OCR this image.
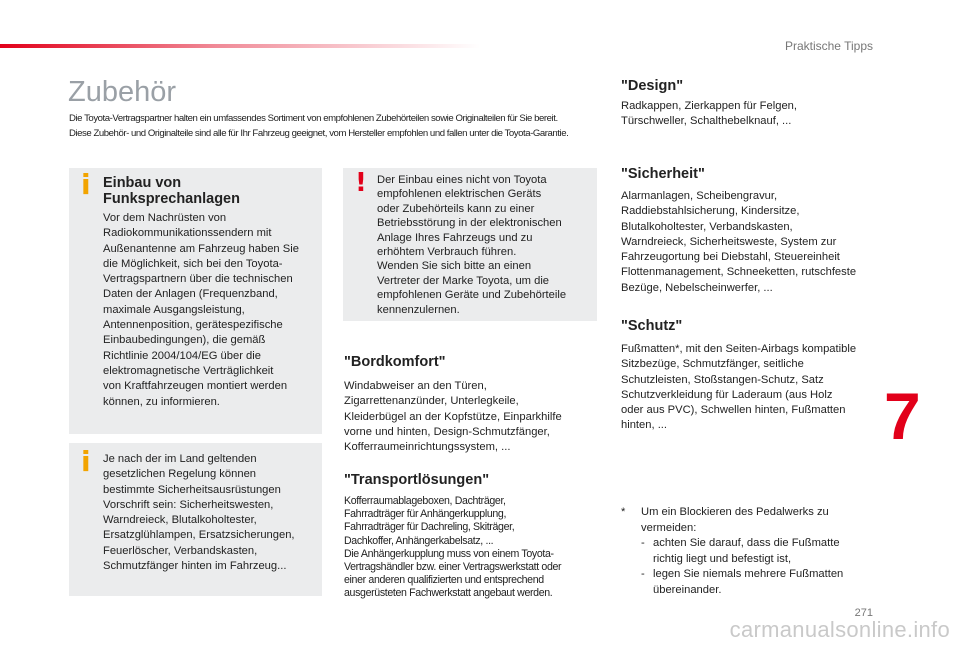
Praktische Tipps
Zubehör
Die Toyota-Vertragspartner halten ein umfassendes Sortiment von empfohlenen Zubehörteilen sowie Originalteilen für Sie bereit.
Diese Zubehör- und Originalteile sind alle für Ihr Fahrzeug geeignet, vom Hersteller empfohlen und fallen unter die Toyota-Garantie.
i Einbau von
Funksprechanlagen
Vor dem Nachrüsten von
Radiokommunikationssendern mit
Außenantenne am Fahrzeug haben Sie
die Möglichkeit, sich bei den Toyota-
Vertragspartnern über die technischen
Daten der Anlagen (Frequenzband,
maximale Ausgangsleistung,
Antennenposition, gerätespezifische
Einbaubedingungen), die gemäß
Richtlinie 2004/104/EG über die
elektromagnetische Verträglichkeit
von Kraftfahrzeugen montiert werden
können, zu informieren.
i Je nach der im Land geltenden
gesetzlichen Regelung können
bestimmte Sicherheitsausrüstungen
Vorschrift sein: Sicherheitswesten,
Warndreieck, Blutalkoholtester,
Ersatzglühlampen, Ersatzsicherungen,
Feuerlöscher, Verbandskasten,
Schmutzfänger hinten im Fahrzeug...
! Der Einbau eines nicht von Toyota
empfohlenen elektrischen Geräts
oder Zubehörteils kann zu einer
Betriebsstörung in der elektronischen
Anlage Ihres Fahrzeugs und zu
erhöhtem Verbrauch führen.
Wenden Sie sich bitte an einen
Vertreter der Marke Toyota, um die
empfohlenen Geräte und Zubehörteile
kennenzulernen.
"Bordkomfort"
Windabweiser an den Türen,
Zigarrettenanzünder, Unterlegkeile,
Kleiderbügel an der Kopfstütze, Einparkhilfe
vorne und hinten, Design-Schmutzfänger,
Kofferraumeinrichtungssystem, ...
"Transportlösungen"
Kofferraumablageboxen, Dachträger,
Fahrradträger für Anhängerkupplung,
Fahrradträger für Dachreling, Skiträger,
Dachkoffer, Anhängerkabelsatz, ...
Die Anhängerkupplung muss von einem Toyota-
Vertragshändler bzw. einer Vertragswerkstatt oder
einer anderen qualifizierten und entsprechend
ausgerüsteten Fachwerkstatt angebaut werden.
"Design"
Radkappen, Zierkappen für Felgen,
Türschweller, Schalthebelknauf, ...
"Sicherheit"
Alarmanlagen, Scheibengravur,
Raddiebstahlsicherung, Kindersitze,
Blutalkoholtester, Verbandskasten,
Warndreieck, Sicherheitsweste, System zur
Fahrzeugortung bei Diebstahl, Steuereinheit
Flottenmanagement, Schneeketten, rutschfeste
Bezüge, Nebelscheinwerfer, ...
"Schutz"
Fußmatten*, mit den Seiten-Airbags kompatible
Sitzbezüge, Schmutzfänger, seitliche
Schutzleisten, Stoßstangen-Schutz, Satz
Schutzverkleidung für Laderaum (aus Holz
oder aus PVC), Schwellen hinten, Fußmatten
hinten, ...	7
* Um ein Blockieren des Pedalwerks zu
vermeiden:
- achten Sie darauf, dass die Fußmatte
richtig liegt und befestigt ist,
- legen Sie niemals mehrere Fußmatten
übereinander.
271
carmanualsonline.info
